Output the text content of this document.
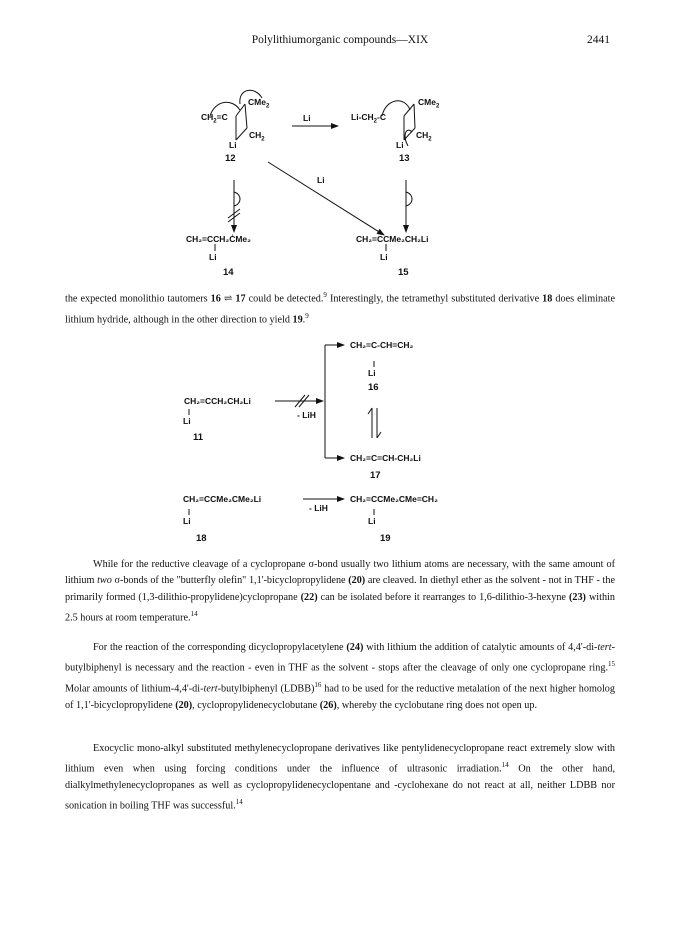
Polylithiumorganic compounds—XIX	2441
CMe$_2$
$CH_2=C$
Li
$CH_2$
12
Li
CMe$_2$
$Li-CH_2-C$
Li
$CH_2$
13
Li
CH₂=CCH₂ĊMe₂
Li
14
CH₂=CCMe₂CH₂Li
Li
15

the expected monolithio tautomers 16 ⇌ 17 could be detected.$^9$ Interestingly, the tetramethyl substituted derivative 18 does eliminate lithium hydride, although in the other direction to yield 19.$^9$

CH₂=C-CH=CH₂
Li
16
CH₂=CCH₂CH₂Li
Li
11
- LiH
CH₂=C=CH-CH₂Li
17
CH₂=CCMe₂CMe₂Li
Li
18
- LiH
CH₂=CCMe₂CMe=CH₂
Li
19

While for the reductive cleavage of a cyclopropane σ-bond usually two lithium atoms are necessary, with the same amount of lithium two σ-bonds of the "butterfly olefin" 1,1'-bicyclopropylidene (20) are cleaved. In diethyl ether as the solvent - not in THF - the primarily formed (1,3-dilithio-propylidene)cyclopropane (22) can be isolated before it rearranges to 1,6-dilithio-3-hexyne (23) within 2.5 hours at room temperature.$^{14}$

For the reaction of the corresponding dicyclopropylacetylene (24) with lithium the addition of catalytic amounts of 4,4'-di-tert-butylbiphenyl is necessary and the reaction - even in THF as the solvent - stops after the cleavage of only one cyclopropane ring.$^{15}$ Molar amounts of lithium-4,4'-di-tert-butylbiphenyl (LDBB)$^{16}$ had to be used for the reductive metalation of the next higher homolog of 1,1'-bicyclopropylidene (20), cyclopropylidenecyclobutane (26), whereby the cyclobutane ring does not open up.

Exocyclic mono-alkyl substituted methylenecyclopropane derivatives like pentylidenecyclopropane react extremely slow with lithium even when using forcing conditions under the influence of ultrasonic irradiation.$^{14}$ On the other hand, dialkylmethylenecyclopropanes as well as cyclopropylidenecyclopentane and -cyclohexane do not react at all, neither LDBB nor sonication in boiling THF was successful.$^{14}$
